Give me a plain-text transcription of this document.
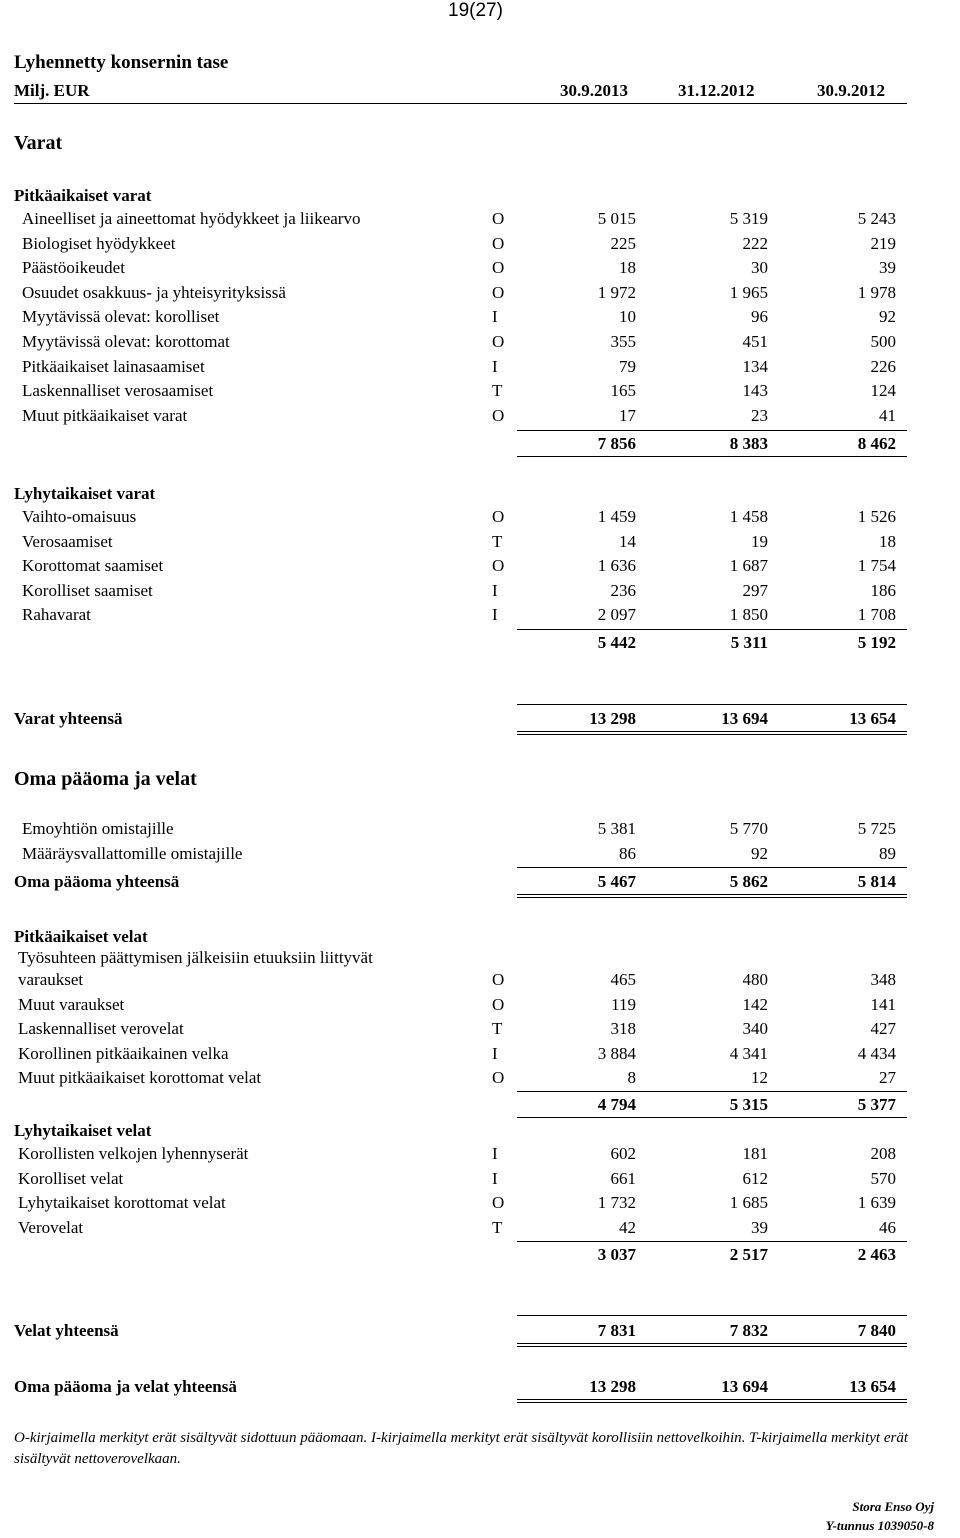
19(27)
Lyhennetty konsernin tase
Milj. EUR	30.9.2013	31.12.2012	30.9.2012
Varat
Pitkäaikaiset varat
Aineelliset ja aineettomat hyödykkeet ja liikearvo	O	5 015	5 319	5 243
Biologiset hyödykkeet	O	225	222	219
Päästöoikeudet	O	18	30	39
Osuudet osakkuus- ja yhteisyrityksissä	O	1 972	1 965	1 978
Myytävissä olevat: korolliset	I	10	96	92
Myytävissä olevat: korottomat	O	355	451	500
Pitkäaikaiset lainasaamiset	I	79	134	226
Laskennalliset verosaamiset	T	165	143	124
Muut pitkäaikaiset varat	O	17	23	41
7 856	8 383	8 462
Lyhytaikaiset varat
Vaihto-omaisuus	O	1 459	1 458	1 526
Verosaamiset	T	14	19	18
Korottomat saamiset	O	1 636	1 687	1 754
Korolliset saamiset	I	236	297	186
Rahavarat	I	2 097	1 850	1 708
5 442	5 311	5 192
Varat yhteensä	13 298	13 694	13 654
Oma pääoma ja velat
Emoyhtiön omistajille	5 381	5 770	5 725
Määräysvallattomille omistajille	86	92	89
Oma pääoma yhteensä	5 467	5 862	5 814
Pitkäaikaiset velat
Työsuhteen päättymisen jälkeisiin etuuksiin liittyvät
varaukset	O	465	480	348
Muut varaukset	O	119	142	141
Laskennalliset verovelat	T	318	340	427
Korollinen pitkäaikainen velka	I	3 884	4 341	4 434
Muut pitkäaikaiset korottomat velat	O	8	12	27
4 794	5 315	5 377
Lyhytaikaiset velat
Korollisten velkojen lyhennyserät	I	602	181	208
Korolliset velat	I	661	612	570
Lyhytaikaiset korottomat velat	O	1 732	1 685	1 639
Verovelat	T	42	39	46
3 037	2 517	2 463
Velat yhteensä	7 831	7 832	7 840
Oma pääoma ja velat yhteensä	13 298	13 694	13 654
O-kirjaimella merkityt erät sisältyvät sidottuun pääomaan. I-kirjaimella merkityt erät sisältyvät korollisiin nettovelkoihin. T-kirjaimella merkityt erät sisältyvät nettoverovelkaan.
Stora Enso Oyj
Y-tunnus 1039050-8
